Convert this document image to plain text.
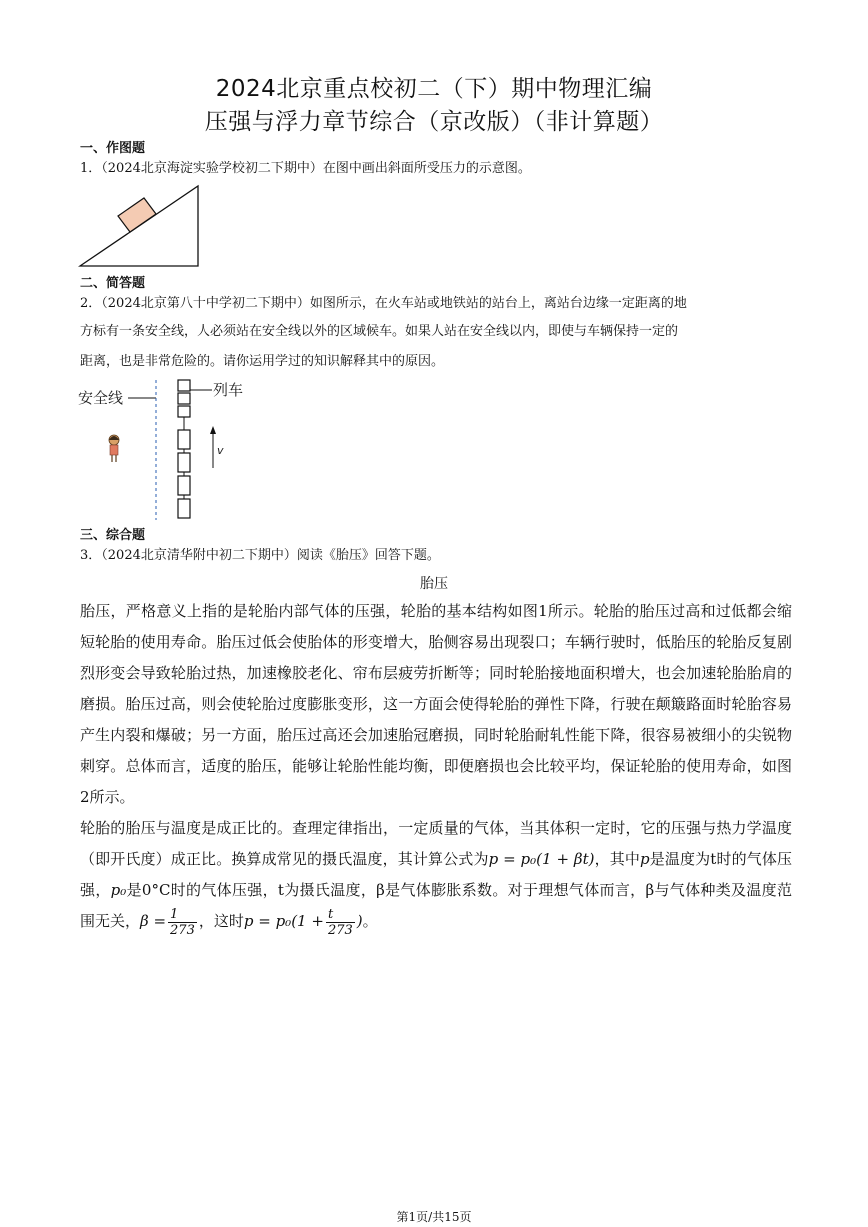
2024北京重点校初二（下）期中物理汇编
压强与浮力章节综合（京改版）（非计算题）
一、作图题
1．（2024北京海淀实验学校初二下期中）在图中画出斜面所受压力的示意图。
二、简答题
2．（2024北京第八十中学初二下期中）如图所示，在火车站或地铁站的站台上，离站台边缘一定距离的地
方标有一条安全线，人必须站在安全线以外的区域候车。如果人站在安全线以内，即使与车辆保持一定的
距离，也是非常危险的。请你运用学过的知识解释其中的原因。
安全线	列车
v
三、综合题
3．（2024北京清华附中初二下期中）阅读《胎压》回答下题。
胎压

胎压，严格意义上指的是轮胎内部气体的压强，轮胎的基本结构如图1所示。轮胎的胎压过高和过低都会缩短轮胎的使用寿命。胎压过低会使胎体的形变增大，胎侧容易出现裂口；车辆行驶时，低胎压的轮胎反复剧烈形变会导致轮胎过热，加速橡胶老化、帘布层疲劳折断等；同时轮胎接地面积增大，也会加速轮胎胎肩的磨损。胎压过高，则会使轮胎过度膨胀变形，这一方面会使得轮胎的弹性下降，行驶在颠簸路面时轮胎容易产生内裂和爆破；另一方面，胎压过高还会加速胎冠磨损，同时轮胎耐轧性能下降，很容易被细小的尖锐物刺穿。总体而言，适度的胎压，能够让轮胎性能均衡，即便磨损也会比较平均，保证轮胎的使用寿命，如图2所示。

轮胎的胎压与温度是成正比的。查理定律指出，一定质量的气体，当其体积一定时，它的压强与热力学温度（即开氏度）成正比。换算成常见的摄氏温度，其计算公式为p = p₀(1 + βt)，其中p是温度为t时的气体压强，p₀是0°C时的气体压强，t为摄氏温度，β是气体膨胀系数。对于理想气体而言，β与气体种类及温度范围无关，$\beta = \frac{1}{273}$ ，这时$p = p_0(1 + \frac{t}{273}$ )。

第1页/共15页
